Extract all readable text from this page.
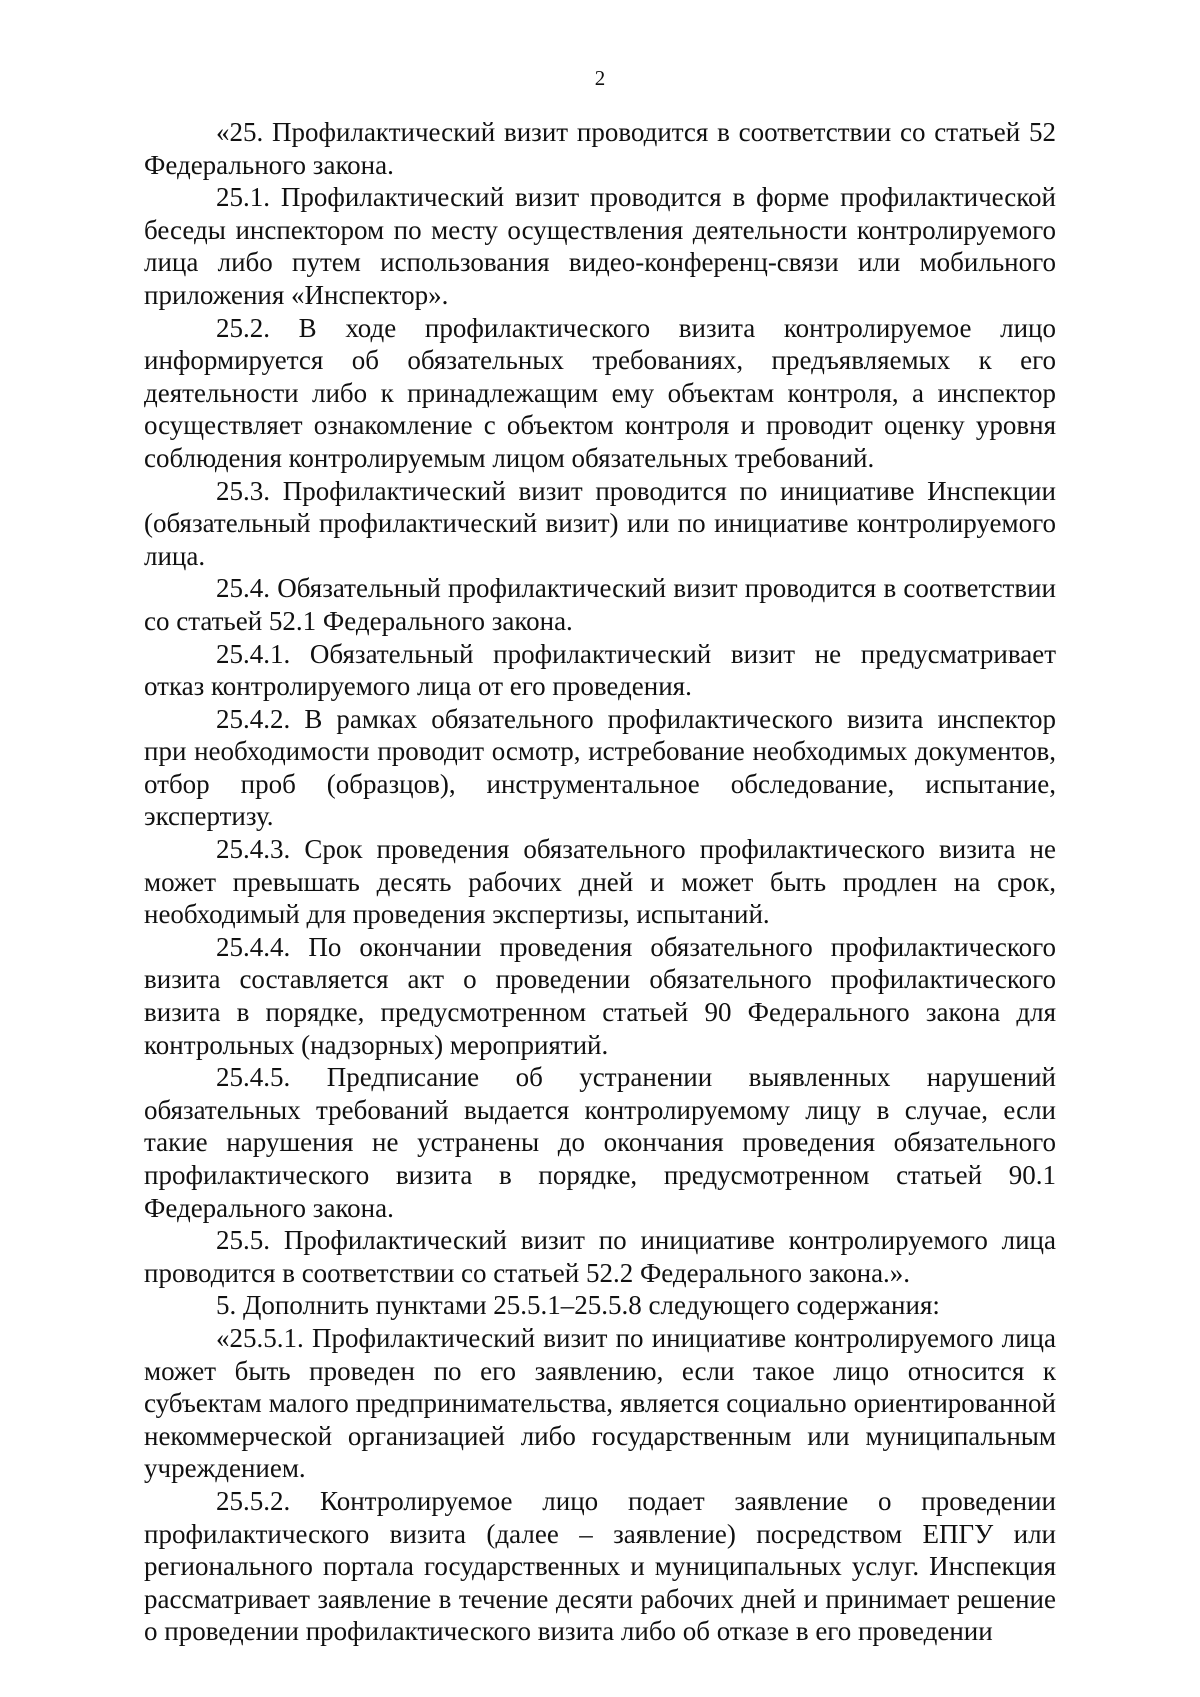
2

«25. Профилактический визит проводится в соответствии со статьей 52 Федерального закона.

25.1. Профилактический визит проводится в форме профилактической беседы инспектором по месту осуществления деятельности контролируемого лица либо путем использования видео-конференц-связи или мобильного приложения «Инспектор».

25.2. В ходе профилактического визита контролируемое лицо информируется об обязательных требованиях, предъявляемых к его деятельности либо к принадлежащим ему объектам контроля, а инспектор осуществляет ознакомление с объектом контроля и проводит оценку уровня соблюдения контролируемым лицом обязательных требований.

25.3. Профилактический визит проводится по инициативе Инспекции (обязательный профилактический визит) или по инициативе контролируемого лица.

25.4. Обязательный профилактический визит проводится в соответствии со статьей 52.1 Федерального закона.

25.4.1. Обязательный профилактический визит не предусматривает отказ контролируемого лица от его проведения.

25.4.2. В рамках обязательного профилактического визита инспектор при необходимости проводит осмотр, истребование необходимых документов, отбор проб (образцов), инструментальное обследование, испытание, экспертизу.

25.4.3. Срок проведения обязательного профилактического визита не может превышать десять рабочих дней и может быть продлен на срок, необходимый для проведения экспертизы, испытаний.

25.4.4. По окончании проведения обязательного профилактического визита составляется акт о проведении обязательного профилактического визита в порядке, предусмотренном статьей 90 Федерального закона для контрольных (надзорных) мероприятий.

25.4.5. Предписание об устранении выявленных нарушений обязательных требований выдается контролируемому лицу в случае, если такие нарушения не устранены до окончания проведения обязательного профилактического визита в порядке, предусмотренном статьей 90.1 Федерального закона.

25.5. Профилактический визит по инициативе контролируемого лица проводится в соответствии со статьей 52.2 Федерального закона.».

5. Дополнить пунктами 25.5.1–25.5.8 следующего содержания:

«25.5.1. Профилактический визит по инициативе контролируемого лица может быть проведен по его заявлению, если такое лицо относится к субъектам малого предпринимательства, является социально ориентированной некоммерческой организацией либо государственным или муниципальным учреждением.

25.5.2. Контролируемое лицо подает заявление о проведении профилактического визита (далее – заявление) посредством ЕПГУ или регионального портала государственных и муниципальных услуг. Инспекция рассматривает заявление в течение десяти рабочих дней и принимает решение о проведении профилактического визита либо об отказе в его проведении
